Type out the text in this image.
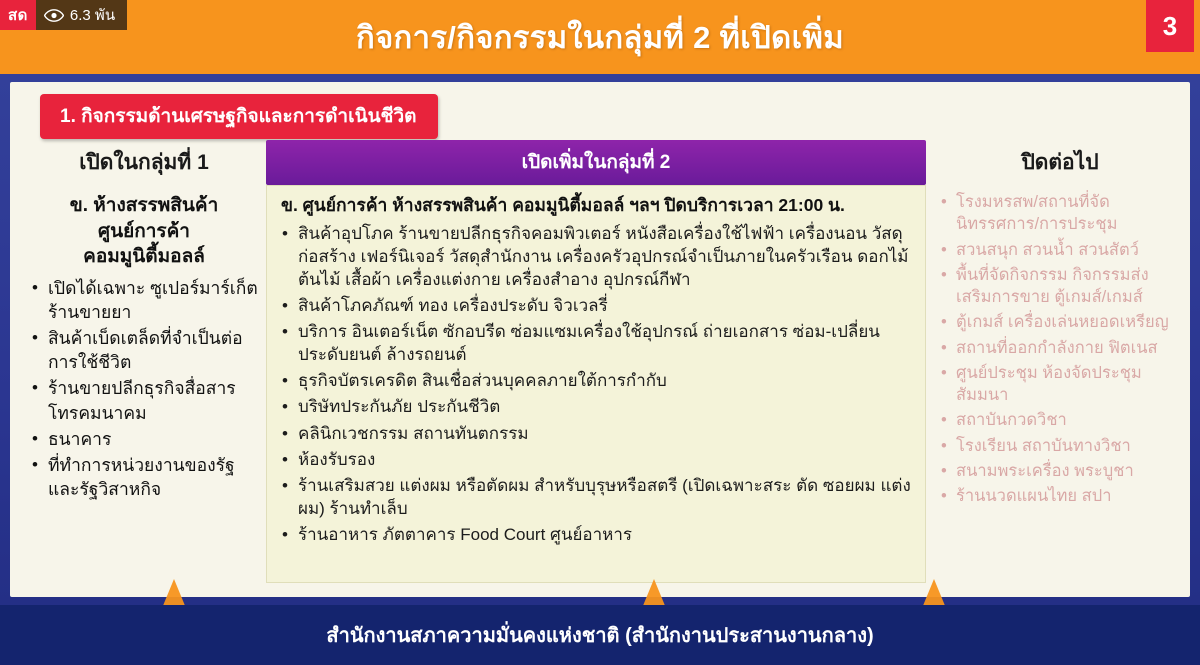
กิจการ/กิจกรรมในกลุ่มที่ 2 ที่เปิดเพิ่ม
สด	6.3 พัน	3
1. กิจกรรมด้านเศรษฐกิจและการดำเนินชีวิต
เปิดในกลุ่มที่ 1
ข. ห้างสรรพสินค้า
ศูนย์การค้า
คอมมูนิตี้มอลล์
• เปิดได้เฉพาะ ซูเปอร์มาร์เก็ต ร้านขายยา
• สินค้าเบ็ดเตล็ดที่จำเป็นต่อการใช้ชีวิต
• ร้านขายปลีกธุรกิจสื่อสารโทรคมนาคม
• ธนาคาร
• ที่ทำการหน่วยงานของรัฐและรัฐวิสาหกิจ
เปิดเพิ่มในกลุ่มที่ 2
ข. ศูนย์การค้า ห้างสรรพสินค้า คอมมูนิตี้มอลล์ ฯลฯ ปิดบริการเวลา 21:00 น.
• สินค้าอุปโภค ร้านขายปลีกธุรกิจคอมพิวเตอร์ หนังสือเครื่องใช้ไฟฟ้า เครื่องนอน วัสดุก่อสร้าง เฟอร์นิเจอร์ วัสดุสำนักงาน เครื่องครัวอุปกรณ์จำเป็นภายในครัวเรือน ดอกไม้ ต้นไม้ เสื้อผ้า เครื่องแต่งกาย เครื่องสำอาง อุปกรณ์กีฬา
• สินค้าโภคภัณฑ์ ทอง เครื่องประดับ จิวเวลรี่
• บริการ อินเตอร์เน็ต ซักอบรีด ซ่อมแซมเครื่องใช้อุปกรณ์ ถ่ายเอกสาร ซ่อม-เปลี่ยน ประดับยนต์ ล้างรถยนต์
• ธุรกิจบัตรเครดิต สินเชื่อส่วนบุคคลภายใต้การกำกับ
• บริษัทประกันภัย ประกันชีวิต
• คลินิกเวชกรรม สถานทันตกรรม
• ห้องรับรอง
• ร้านเสริมสวย แต่งผม หรือตัดผม สำหรับบุรุษหรือสตรี (เปิดเฉพาะสระ ตัด ซอยผม แต่งผม) ร้านทำเล็บ
• ร้านอาหาร ภัตตาคาร Food Court ศูนย์อาหาร
ปิดต่อไป
• โรงมหรสพ/สถานที่จัดนิทรรศการ/การประชุม
• สวนสนุก สวนน้ำ สวนสัตว์
• พื้นที่จัดกิจกรรม กิจกรรมส่งเสริมการขาย ตู้เกมส์/เกมส์
• ตู้เกมส์ เครื่องเล่นหยอดเหรียญ
• สถานที่ออกกำลังกาย ฟิตเนส
• ศูนย์ประชุม ห้องจัดประชุม สัมมนา
• สถาบันกวดวิชา
• โรงเรียน สถาบันทางวิชา
• สนามพระเครื่อง พระบูชา
• ร้านนวดแผนไทย สปา
สำนักงานสภาความมั่นคงแห่งชาติ (สำนักงานประสานงานกลาง)
